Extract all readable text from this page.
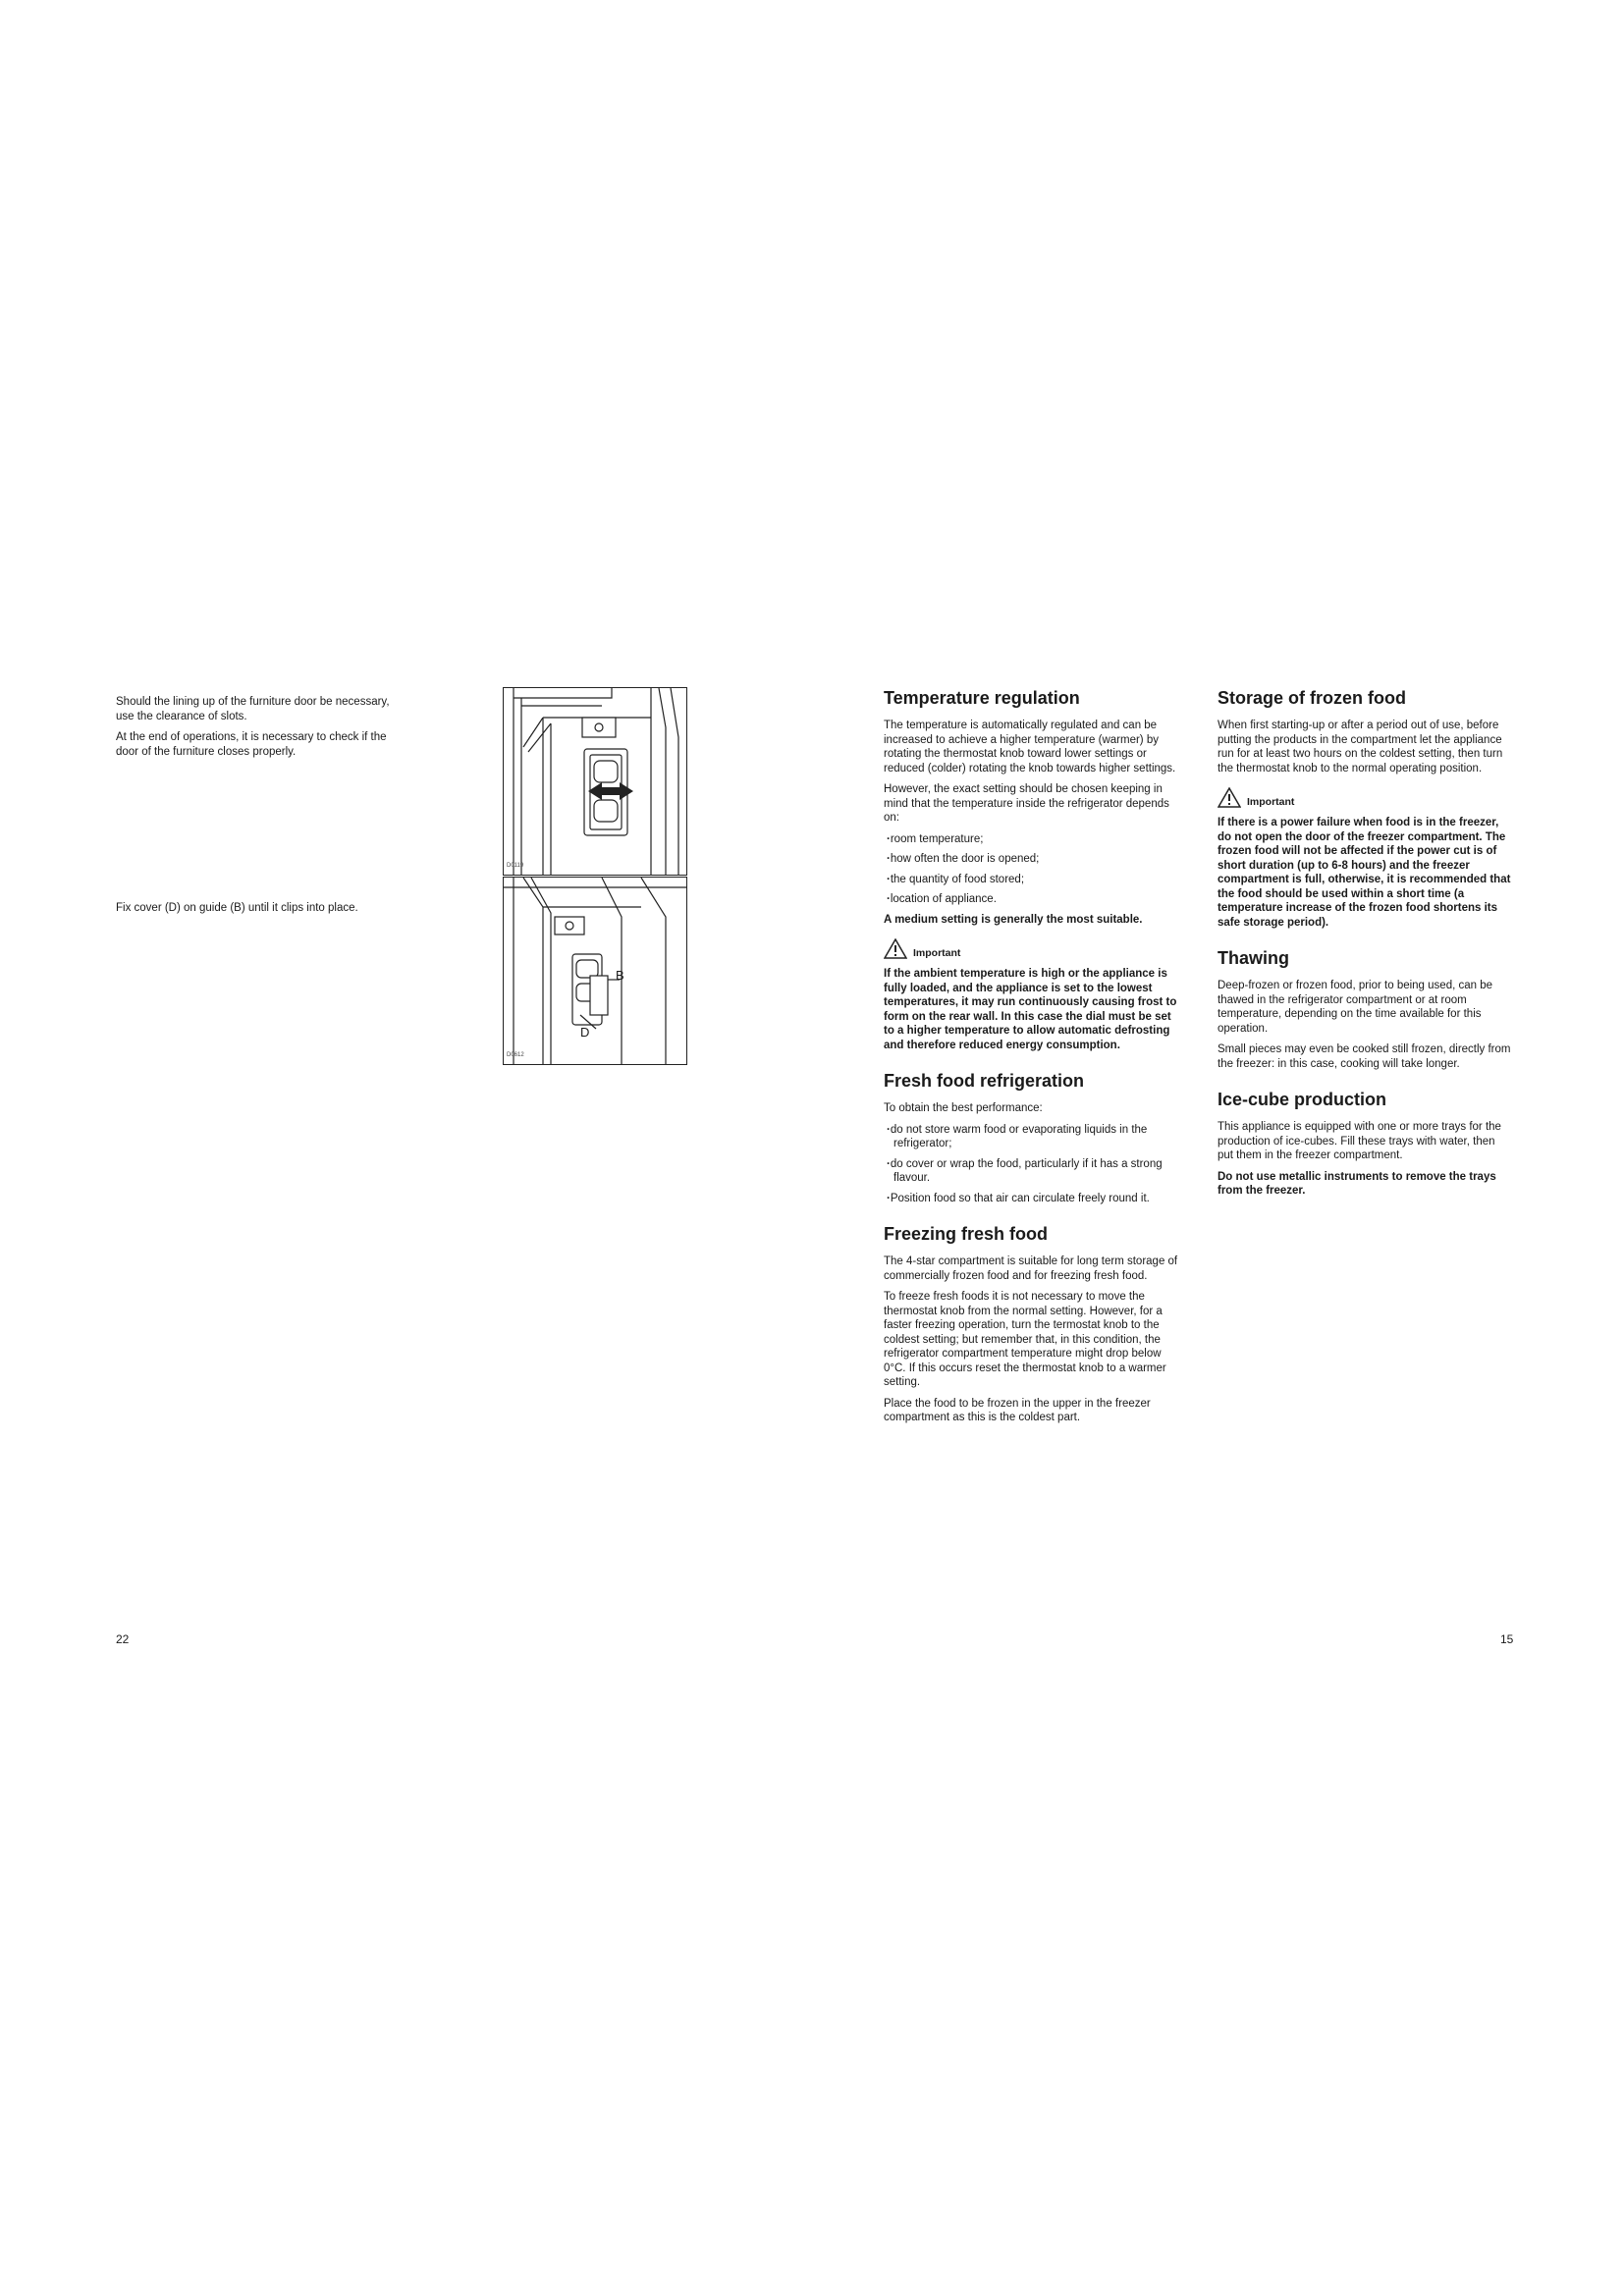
Should the lining up of the furniture door be necessary, use the clearance of slots.

At the end of operations, it is necessary to check if the door of the furniture closes properly.

Fix cover (D) on guide (B) until it clips into place.

D0119
B
D
D0612
22
Temperature regulation

The temperature is automatically regulated and can be increased to achieve a higher temperature (warmer) by rotating the thermostat knob toward lower settings or reduced (colder) rotating the knob towards higher settings.

However, the exact setting should be chosen keeping in mind that the temperature inside the refrigerator depends on:

· room temperature;
· how often the door is opened;
· the quantity of food stored;
· location of appliance.

A medium setting is generally the most suitable.

Important

If the ambient temperature is high or the appliance is fully loaded, and the appliance is set to the lowest temperatures, it may run continuously causing frost to form on the rear wall. In this case the dial must be set to a higher temperature to allow automatic defrosting and therefore reduced energy consumption.

Fresh food refrigeration

To obtain the best performance:

· do not store warm food or evaporating liquids in the refrigerator;
· do cover or wrap the food, particularly if it has a strong flavour.
· Position food so that air can circulate freely round it.
Freezing fresh food

The 4-star compartment is suitable for long term storage of commercially frozen food and for freezing fresh food.

To freeze fresh foods it is not necessary to move the thermostat knob from the normal setting. However, for a faster freezing operation, turn the termostat knob to the coldest setting; but remember that, in this condition, the refrigerator compartment temperature might drop below 0°C. If this occurs reset the thermostat knob to a warmer setting.

Place the food to be frozen in the upper in the freezer compartment as this is the coldest part.

Storage of frozen food

When first starting-up or after a period out of use, before putting the products in the compartment let the appliance run for at least two hours on the coldest setting, then turn the thermostat knob to the normal operating position.

Important

If there is a power failure when food is in the freezer, do not open the door of the freezer compartment. The frozen food will not be affected if the power cut is of short duration (up to 6-8 hours) and the freezer compartment is full, otherwise, it is recommended that the food should be used within a short time (a temperature increase of the frozen food shortens its safe storage period).

Thawing

Deep-frozen or frozen food, prior to being used, can be thawed in the refrigerator compartment or at room temperature, depending on the time available for this operation.

Small pieces may even be cooked still frozen, directly from the freezer: in this case, cooking will take longer.

Ice-cube production

This appliance is equipped with one or more trays for the production of ice-cubes. Fill these trays with water, then put them in the freezer compartment.

Do not use metallic instruments to remove the trays from the freezer.

15
